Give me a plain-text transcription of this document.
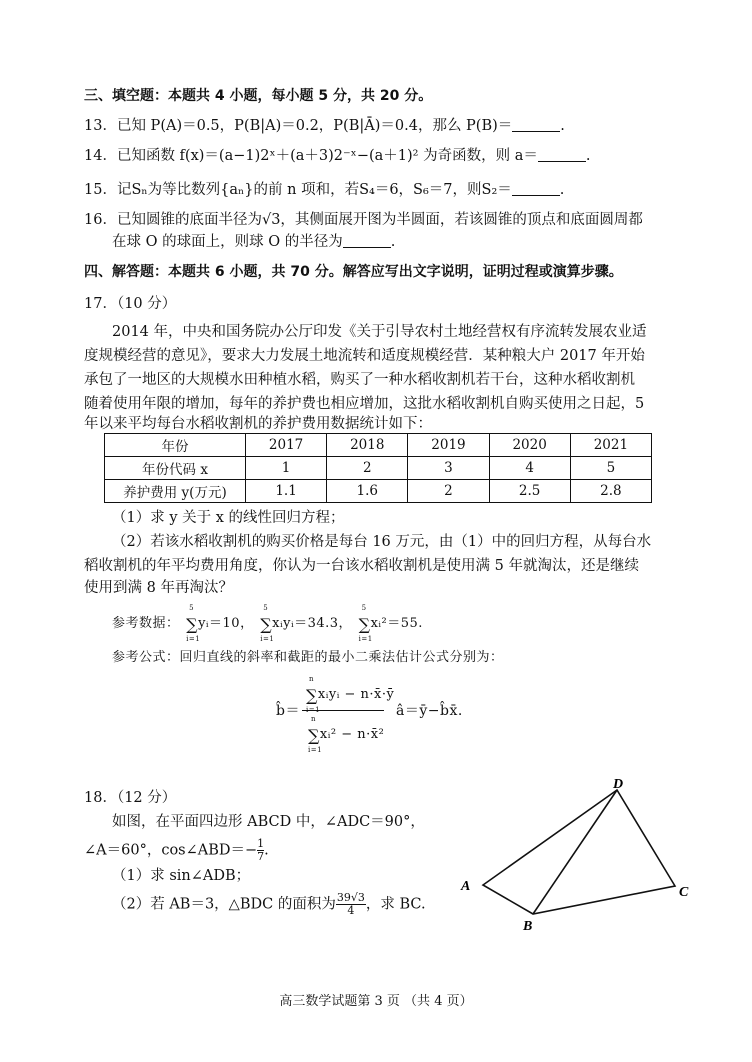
三、填空题：本题共 4 小题，每小题 5 分，共 20 分。
13．已知 P(A)＝0.5，P(B|A)＝0.2，P(B|Ā)＝0.4，那么 P(B)＝	.
14．已知函数 f(x)＝(a−1)2ˣ＋(a＋3)2⁻ˣ−(a＋1)² 为奇函数，则 a＝	.
15．记Sₙ为等比数列{aₙ}的前 n 项和，若S₄＝6，S₆＝7，则S₂＝	.
16．已知圆锥的底面半径为√3，其侧面展开图为半圆面，若该圆锥的顶点和底面圆周都
在球 O 的球面上，则球 O 的半径为	.
四、解答题：本题共 6 小题，共 70 分。解答应写出文字说明，证明过程或演算步骤。
17．（10 分）
2014 年，中央和国务院办公厅印发《关于引导农村土地经营权有序流转发展农业适
度规模经营的意见》，要求大力发展土地流转和适度规模经营．某种粮大户 2017 年开始
承包了一地区的大规模水田种植水稻，购买了一种水稻收割机若干台，这种水稻收割机
随着使用年限的增加，每年的养护费也相应增加，这批水稻收割机自购买使用之日起，5
年以来平均每台水稻收割机的养护费用数据统计如下：
年份	2017	2018	2019	2020	2021
年份代码 x	1	2	3	4	5
养护费用 y(万元)	1.1	1.6	2	2.5	2.8
（1）求 y 关于 x 的线性回归方程；
（2）若该水稻收割机的购买价格是每台 16 万元，由（1）中的回归方程，从每台水
稻收割机的年平均费用角度，你认为一台该水稻收割机是使用满 5 年就淘汰，还是继续
使用到满 8 年再淘汰？
参考数据： ∑
5
i=1
yᵢ＝10， ∑
5
i=1
xᵢyᵢ＝34.3， ∑
5
i=1
xᵢ²＝55.
参考公式：回归直线的斜率和截距的最小二乘法估计公式分别为：
∑
n
i=1
xᵢyᵢ − n·x̄·ȳ
b̂＝
∑
n
i=1
xᵢ² − n·x̄²
â＝ȳ−b̂x̄.
18．（12 分）
如图，在平面四边形 ABCD 中，∠ADC＝90°，
∠A＝60°，cos∠ABD＝− $\frac{1}{7}$ .
（1）求 sin∠ADB；
（2）若 AB＝3，△BDC 的面积为 $\frac{39√3}{4}$ ，求 BC.
A
B
C
D
高三数学试题第 3 页 （共 4 页）
